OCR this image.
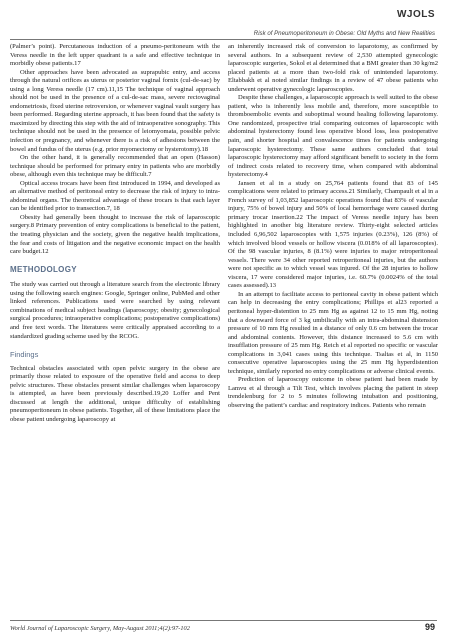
WJOLS
Risk of Pneumoperitoneum in Obese: Old Myths and New Realities

(Palmer’s point). Percutaneous induction of a pneumo-peritoneum with the Veress needle in the left upper quadrant is a safe and effective technique in morbidly obese patients.17

Other approaches have been advocated as suprapubic entry, and access through the natural orifices as uterus or posterior vaginal fornix (cul-de-sac) by using a long Veress needle (17 cm).11,15 The technique of vaginal approach should not be used in the presence of a cul-de-sac mass, severe rectovaginal endometriosis, fixed uterine retroversion, or whenever vaginal vault surgery has been performed. Regarding uterine approach, it has been found that the safety is maximized by directing this step with the aid of intraoperative sonography. This technique should not be used in the presence of leiomyomata, possible pelvic infection or pregnancy, and whenever there is a risk of adhesions between the bowel and fundus of the uterus (e.g. prior myomectomy or hysterotomy).18

On the other hand, it is generally recommended that an open (Hasson) technique should be performed for primary entry in patients who are morbidly obese, although even this technique may be difficult.7

Optical access trocars have been first introduced in 1994, and developed as an alternative method of peritoneal entry to decrease the risk of injury to intra-abdominal organs. The theoretical advantage of these trocars is that each layer can be identified prior to transection.7, 18

Obesity had generally been thought to increase the risk of laparoscopic surgery.8 Primary prevention of entry complications is beneficial to the patient, the treating physician and the society, given the negative health implications, the fear and costs of litigation and the negative economic impact on the health care budget.12

METHODOLOGY

The study was carried out through a literature search from the electronic library using the following search engines: Google, Springer online, PubMed and other linked references. Publications used were searched by using relevant combinations of medical subject headings (laparoscopy; obesity; gynecological surgical procedures; intraoperative complications; postoperative complications) and free text words. The literatures were critically appraised according to a standardized grading scheme used by the RCOG.

Findings

Technical obstacles associated with open pelvic surgery in the obese are primarily those related to exposure of the operative field and access to deep pelvic structures. These obstacles present similar challenges when laparoscopy is attempted, as have been previously described.19,20 Loffer and Pent discussed at length the additional, unique difficulty of establishing pneumoperitoneum in obese patients. Together, all of these limitations place the obese patient undergoing laparoscopy at

an inherently increased risk of conversion to laparotomy, as confirmed by several authors. In a subsequent review of 2,530 attempted gynecologic laparoscopic surgeries, Sokol et al determined that a BMI greater than 30 kg/m2 placed patients at a more than two-fold risk of unintended laparotomy. Eltabbakh et al noted similar findings in a review of 47 obese patients who underwent operative gynecologic laparoscopies.

Despite these challenges, a laparoscopic approach is well suited to the obese patient, who is inherently less mobile and, therefore, more susceptible to thromboembolic events and suboptimal wound healing following laparotomy. One randomized, prospective trial comparing outcomes of laparoscopic with abdominal hysterectomy found less operative blood loss, less postoperative pain, and shorter hospital and convalescence times for patients undergoing laparoscopic hysterectomy. These same authors concluded that total laparoscopic hysterectomy may afford significant benefit to society in the form of indirect costs related to recovery time, when compared with abdominal hysterectomy.4

Jansen et al in a study on 25,764 patients found that 83 of 145 complications were related to primary access.21 Similarly, Champault et al in a French survey of 1,03,852 laparoscopic operations found that 83% of vascular injury, 75% of bowel injury and 50% of local hemorrhage were caused during primary trocar insertion.22 The impact of Veress needle injury has been highlighted in another big literature review. Thirty-eight selected articles included 6,96,502 laparoscopies with 1,575 injuries (0.23%), 126 (8%) of which involved blood vessels or hollow viscera (0.018% of all laparoscopies). Of the 98 vascular injuries, 8 (8.1%) were injuries to major retroperitoneal vessels. There were 34 other reported retroperitoneal injuries, but the authors were not specific as to which vessel was injured. Of the 28 injuries to hollow viscera, 17 were considered major injuries, i.e. 60.7% (0.0024% of the total cases assessed).13

In an attempt to facilitate access to peritoneal cavity in obese patient which can help in decreasing the entry complications; Phillips et al23 reported a peritoneal hyper-distention to 25 mm Hg as against 12 to 15 mm Hg, noting that a downward force of 3 kg umbilically with an intra-abdominal distension pressure of 10 mm Hg resulted in a distance of only 0.6 cm between the trocar and abdominal contents. However, this distance increased to 5.6 cm with insufflation pressure of 25 mm Hg. Reich et al reported no specific or vascular complications in 3,041 cases using this technique. Tsaltas et al, in 1150 consecutive operative laparoscopies using the 25 mm Hg hyperdistention technique, similarly reported no entry complications or adverse clinical events.

Prediction of laparoscopy outcome in obese patient had been made by Lamvu et al through a Tilt Test, which involves placing the patient in steep trendelenburg for 2 to 5 minutes following intubation and positioning, observing the patient’s cardiac and respiratory indices. Patients who remain

World Journal of Laparoscopic Surgery, May-August 2011;4(2):97-102	99
